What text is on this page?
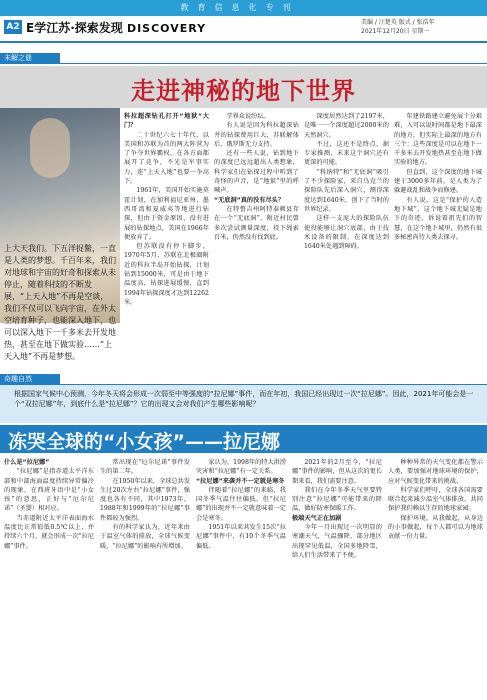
教育信息化专刊
A2 E学江苏·探索发现 DISCOVERY	美编 / 汪楚英 版式 / 张浩年
2021年12月20日 星期一
未解之谜
走进神秘的地下世界
上大天我们。下五洋捉鳖，一直是人类的梦想。千百年来，我们对地球和宇宙的好奇和探索从未停止，随着科技的不断发展，“上天入地”不再是空谈，我们不仅可以飞向宇宙，在外太空培育种子，也能深入地下，也可以深入地下一千多米去开发地热，甚至在地下做实验……“上天入地”不再是梦想。

科拉超深钻孔打开“地狱”大门？

二十世纪六七十年代，以美国和苏联为首的两大阵营为了争夺世界霸权，在各方面都展开了竞争，不光是军事实力，连“上天入地”也要一争高下。

1961年，美国开始实施莫霍计划，在加利福尼亚州，墨西哥湾和夏威夷等地进行钻探，但由于资金原因，没有进展的钻探地点，美国在1966年便放弃了。

但苏联没有停下脚步，1970年5月，苏联在北极圈附近的科拉半岛开始钻探，计划钻到15000米，可是由于地下温度高，钻探进展缓慢，直到1994年钻探深度才达到12262米。

学界众说纷纭。

有人说是因为科拉超深钻井的钻探费用巨大，苏联解体后，俄罗斯无力支持。

还有一些人说，钻到地下的深度已远远超出人类想象，科学家们在钻探过程中听到了奇怪的声音，是“地狱”里的呼喊声。

“无底洞”真的没有尽头？

在特鲁吉州阿特泰顿县存在一个“无底洞”，附近村民曾多次尝试测量深度，投下绳索百米，仍然没有找到底。

深度居然达到了2197米，是唯一一个深度超过2000米的天然洞穴。

不过，这还不是终点，据专家推测，未来这个洞穴还有更深的可能。

“科纳特”和“无底洞”吸引了不少探险家，来自乌克兰的探险队先后深入洞穴，测得深度达到1640米，创下了当时的世界纪录。

这样一支庞大的探险队伍使役能够让洞穴底部，由于技术设备的限制，在深度达到1640米处遇到障碍。

年建铁路建立避免展十分艰难，入可以说时间都是地下最深的地方，但实际上最深的地方有三个：这些深度是可以在地下一千多米去开发地热甚至在地下做实验的地方。

但直到，这个深度的地下城建于3000多年前，是人类为了躲避战乱和战争而修建。

有人说，这是“保护的人造地下城”，这个地下城无疑是地下的奇迹，诉说着祖先们的智慧，在这个地下城里，仍然有很多秘密尚待人类去探寻。

奇趣自然
根据国家气候中心预测，今年冬天将会形成一次弱至中等强度的“拉尼娜”事件，而在年初，我国已经出现过一次“拉尼娜”。因此，2021年可能会是一个“双拉尼娜”年，到底什么是“拉尼娜”？它的出现又会对我们产生哪些影响呢？
冻哭全球的“小女孩”——拉尼娜

什么是“拉尼娜”

“拉尼娜”是指赤道太平洋东部和中部海面温度持续异常偏冷的现象，在西班牙语中是“小女孩”的意思，正好与“厄尔尼诺”（圣婴）相对应。

当赤道附近太平洋表面海水温度比正常值低0.5℃以上，并持续六个月，就会形成一次“拉尼娜”事件。

常出现在“厄尔尼诺”事件发生的第二年。

在1950年以来，全球总共发生过20次左右“拉尼娜”事件，强度也各有不同，其中1973年、1988年和1999年的“拉尼娜”事件都较为强烈。

有的科学家认为，近年来由于温室气体的排放，全球气候变暖，“拉尼娜”的影响有所增加。

家认为，1998年的特大洪涝灾害和“拉尼娜”有一定关系。

“拉尼娜”来袭并不一定就是寒冬

伴随着“拉尼娜”的来临，我国冬季气温往往偏低，但“拉尼娜”的出现并不一定就意味着一定会是寒冬。

1951年以来共发生15次“拉尼娜”事件中，有10个冬季气温偏低。

2021年的2月至今，“拉尼娜”事件的影响，但从这次的更长期来看，我们需要注意。

我们在今年冬季天气里要特别注意“拉尼娜”可能带来的降温，做好防寒保暖工作。

极端天气正在加剧

今年一月出现过一次明显的寒潮天气，气温骤降，部分地区出现罕见低温，全国多地降雪，给人们生活带来了不便。

种种异常的天气变化都在警示人类，要加强对地球环境的保护，应对气候变化带来的挑战。

科学家们呼吁，全球各国需要联合起来减少温室气体排放，共同保护我们赖以生存的地球家园。

保护环境，从我做起，从身边的小事做起，每个人都可以为地球贡献一份力量。
